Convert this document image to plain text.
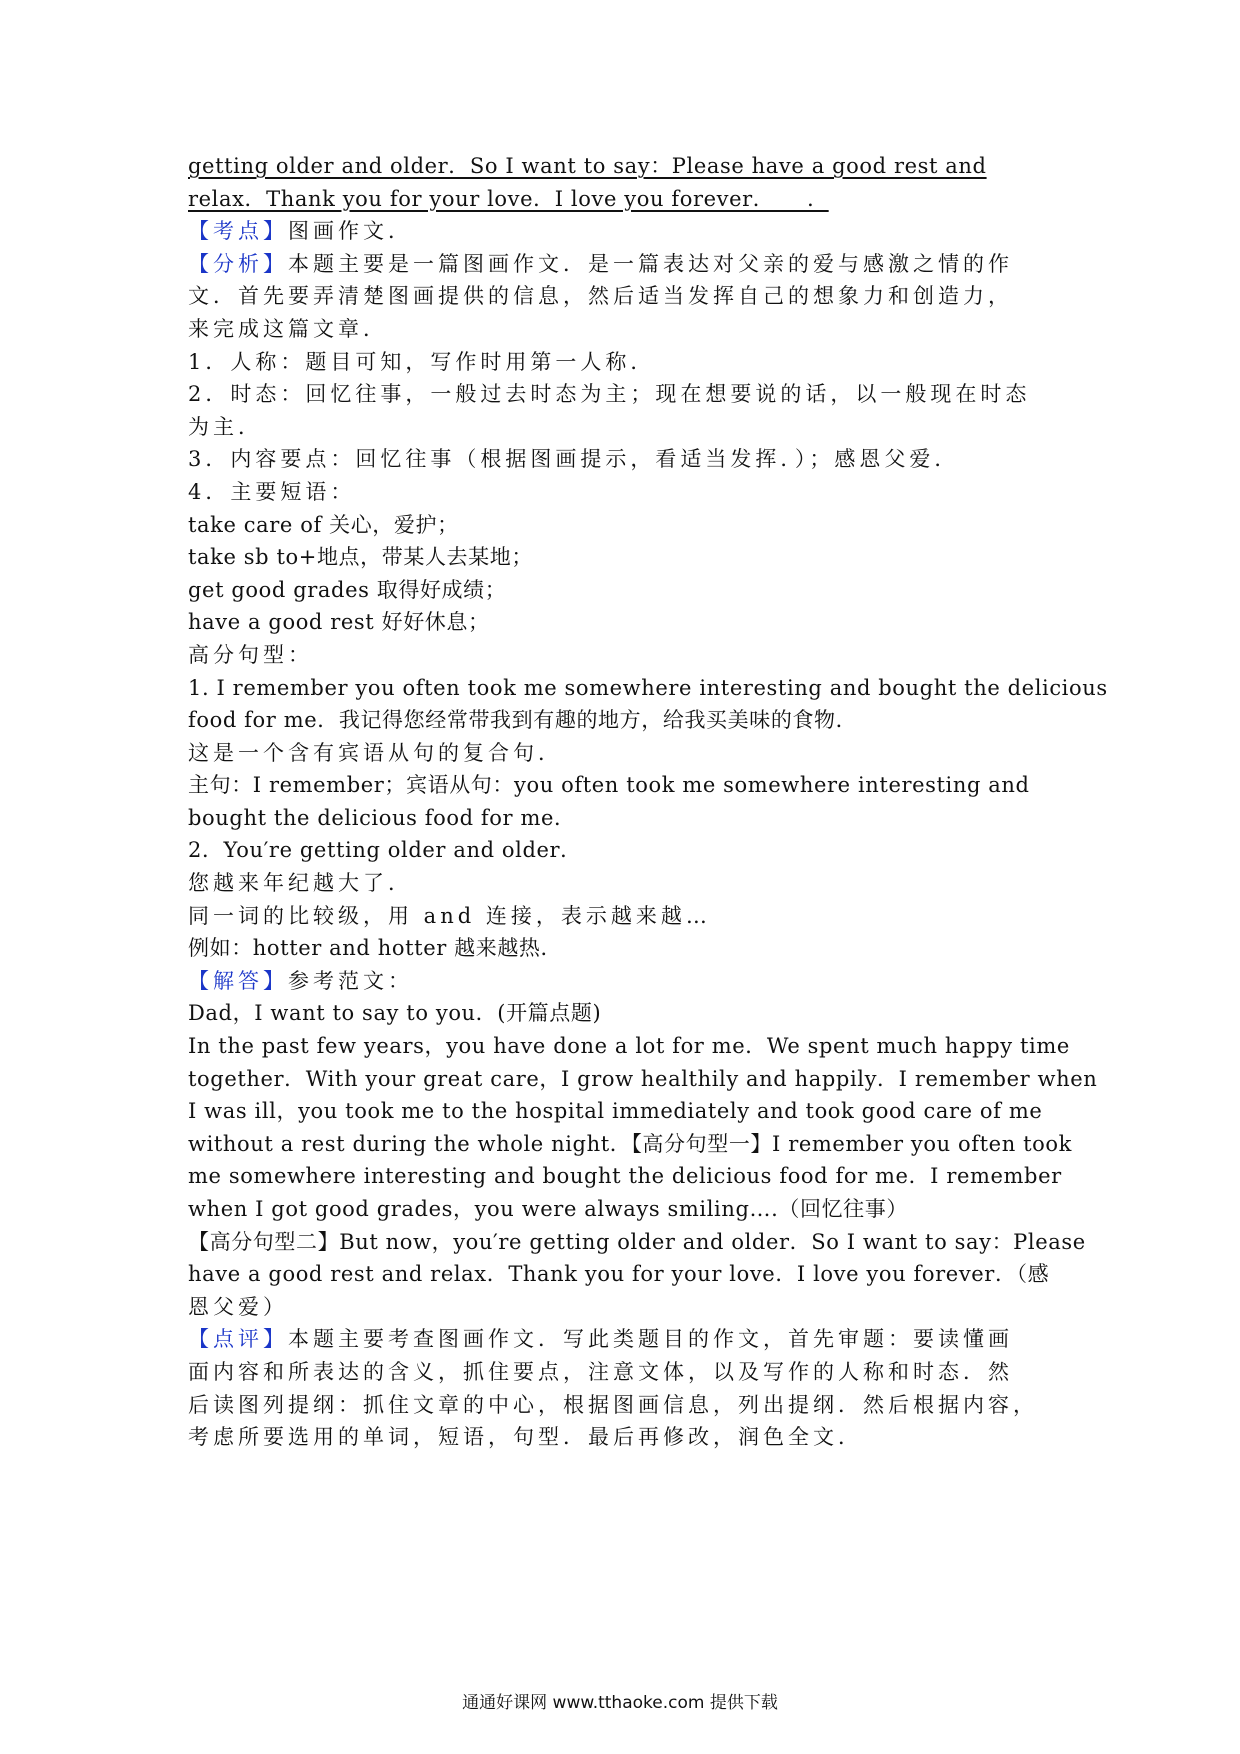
getting older and older．So I want to say：Please have a good rest and
relax．Thank you for your love．I love you forever．　　．
【考点】图画作文．
【分析】本题主要是一篇图画作文．是一篇表达对父亲的爱与感激之情的作
文．首先要弄清楚图画提供的信息，然后适当发挥自己的想象力和创造力，
来完成这篇文章．
1．人称：题目可知，写作时用第一人称．
2．时态：回忆往事，一般过去时态为主；现在想要说的话，以一般现在时态
为主．
3．内容要点：回忆往事（根据图画提示，看适当发挥．）；感恩父爱．
4．主要短语：
take care of 关心，爱护；
take sb to+地点，带某人去某地；
get good grades 取得好成绩；
have a good rest 好好休息；
高分句型：
1. I remember you often took me somewhere interesting and bought the delicious
food for me．我记得您经常带我到有趣的地方，给我买美味的食物．
这是一个含有宾语从句的复合句．
主句：I remember；宾语从句：you often took me somewhere interesting and
bought the delicious food for me．
2．You′re getting older and older．
您越来年纪越大了．
同一词的比较级，用 and 连接，表示越来越…
例如：hotter and hotter 越来越热．
【解答】参考范文：
Dad，I want to say to you．(开篇点题)
In the past few years，you have done a lot for me．We spent much happy time
together．With your great care，I grow healthily and happily．I remember when
I was ill，you took me to the hospital immediately and took good care of me
without a rest during the whole night．【高分句型一】I remember you often took
me somewhere interesting and bought the delicious food for me．I remember
when I got good grades，you were always smiling….（回忆往事）
【高分句型二】But now，you′re getting older and older．So I want to say：Please
have a good rest and relax．Thank you for your love．I love you forever．（感
恩父爱）
【点评】本题主要考查图画作文．写此类题目的作文，首先审题：要读懂画
面内容和所表达的含义，抓住要点，注意文体，以及写作的人称和时态．然
后读图列提纲：抓住文章的中心，根据图画信息，列出提纲．然后根据内容，
考虑所要选用的单词，短语，句型．最后再修改，润色全文．
通通好课网 www.tthaoke.com 提供下载
